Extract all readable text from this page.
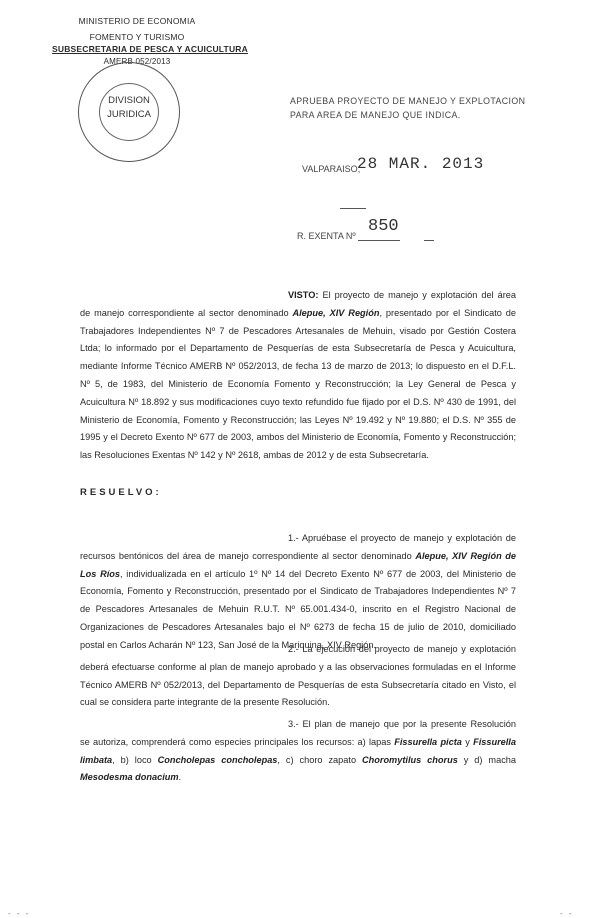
MINISTERIO DE ECONOMIA
FOMENTO Y TURISMO
SUBSECRETARIA DE PESCA Y ACUICULTURA
AMERB 052/2013
DIVISION
JURIDICA
APRUEBA PROYECTO DE MANEJO Y EXPLOTACION
PARA AREA DE MANEJO QUE INDICA.
VALPARAISO,
28 MAR. 2013
R. EXENTA Nº 850

VISTO: El proyecto de manejo y explotación del área de manejo correspondiente al sector denominado Alepue, XIV Región, presentado por el Sindicato de Trabajadores Independientes Nº 7 de Pescadores Artesanales de Mehuin, visado por Gestión Costera Ltda; lo informado por el Departamento de Pesquerías de esta Subsecretaría de Pesca y Acuicultura, mediante Informe Técnico AMERB Nº 052/2013, de fecha 13 de marzo de 2013; lo dispuesto en el D.F.L. Nº 5, de 1983, del Ministerio de Economía Fomento y Reconstrucción; la Ley General de Pesca y Acuicultura Nº 18.892 y sus modificaciones cuyo texto refundido fue fijado por el D.S. Nº 430 de 1991, del Ministerio de Economía, Fomento y Reconstrucción; las Leyes Nº 19.492 y Nº 19.880; el D.S. Nº 355 de 1995 y el Decreto Exento Nº 677 de 2003, ambos del Ministerio de Economía, Fomento y Reconstrucción; las Resoluciones Exentas Nº 142 y Nº 2618, ambas de 2012 y de esta Subsecretaría.

RESUELVO:

1.- Apruébase el proyecto de manejo y explotación de recursos bentónicos del área de manejo correspondiente al sector denominado Alepue, XIV Región de Los Ríos, individualizada en el artículo 1º Nº 14 del Decreto Exento Nº 677 de 2003, del Ministerio de Economía, Fomento y Reconstrucción, presentado por el Sindicato de Trabajadores Independientes Nº 7 de Pescadores Artesanales de Mehuin R.U.T. Nº 65.001.434-0, inscrito en el Registro Nacional de Organizaciones de Pescadores Artesanales bajo el Nº 6273 de fecha 15 de julio de 2010, domiciliado postal en Carlos Acharán Nº 123, San José de la Mariquina, XIV Región.

2.- La ejecución del proyecto de manejo y explotación deberá efectuarse conforme al plan de manejo aprobado y a las observaciones formuladas en el Informe Técnico AMERB Nº 052/2013, del Departamento de Pesquerías de esta Subsecretaría citado en Visto, el cual se considera parte integrante de la presente Resolución.

3.- El plan de manejo que por la presente Resolución se autoriza, comprenderá como especies principales los recursos: a) lapas Fissurella picta y Fissurella limbata, b) loco Concholepas concholepas, c) choro zapato Choromytilus chorus y d) macha Mesodesma donacium.

- - -	- -
